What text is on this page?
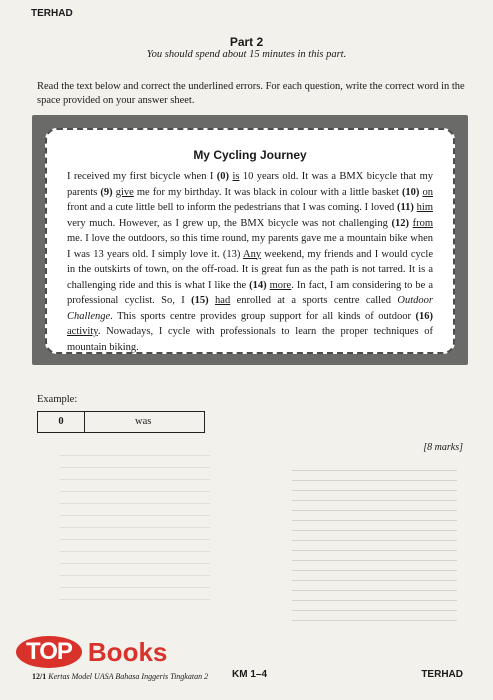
TERHAD
Part 2
You should spend about 15 minutes in this part.
Read the text below and correct the underlined errors. For each question, write the correct word in the space provided on your answer sheet.
My Cycling Journey
I received my first bicycle when I (0) is 10 years old. It was a BMX bicycle that my parents (9) give me for my birthday. It was black in colour with a little basket (10) on front and a cute little bell to inform the pedestrians that I was coming. I loved (11) him very much. However, as I grew up, the BMX bicycle was not challenging (12) from me. I love the outdoors, so this time round, my parents gave me a mountain bike when I was 13 years old. I simply love it. (13) Any weekend, my friends and I would cycle in the outskirts of town, on the off-road. It is great fun as the path is not tarred. It is a challenging ride and this is what I like the (14) more. In fact, I am considering to be a professional cyclist. So, I (15) had enrolled at a sports centre called Outdoor Challenge. This sports centre provides group support for all kinds of outdoor (16) activity. Nowadays, I cycle with professionals to learn the proper techniques of mountain biking.
Example:
0	was
[8 marks]
TOP Books
12/1 Kertas Model UASA Bahasa Inggeris Tingkatan 2 KM 1–4	TERHAD
